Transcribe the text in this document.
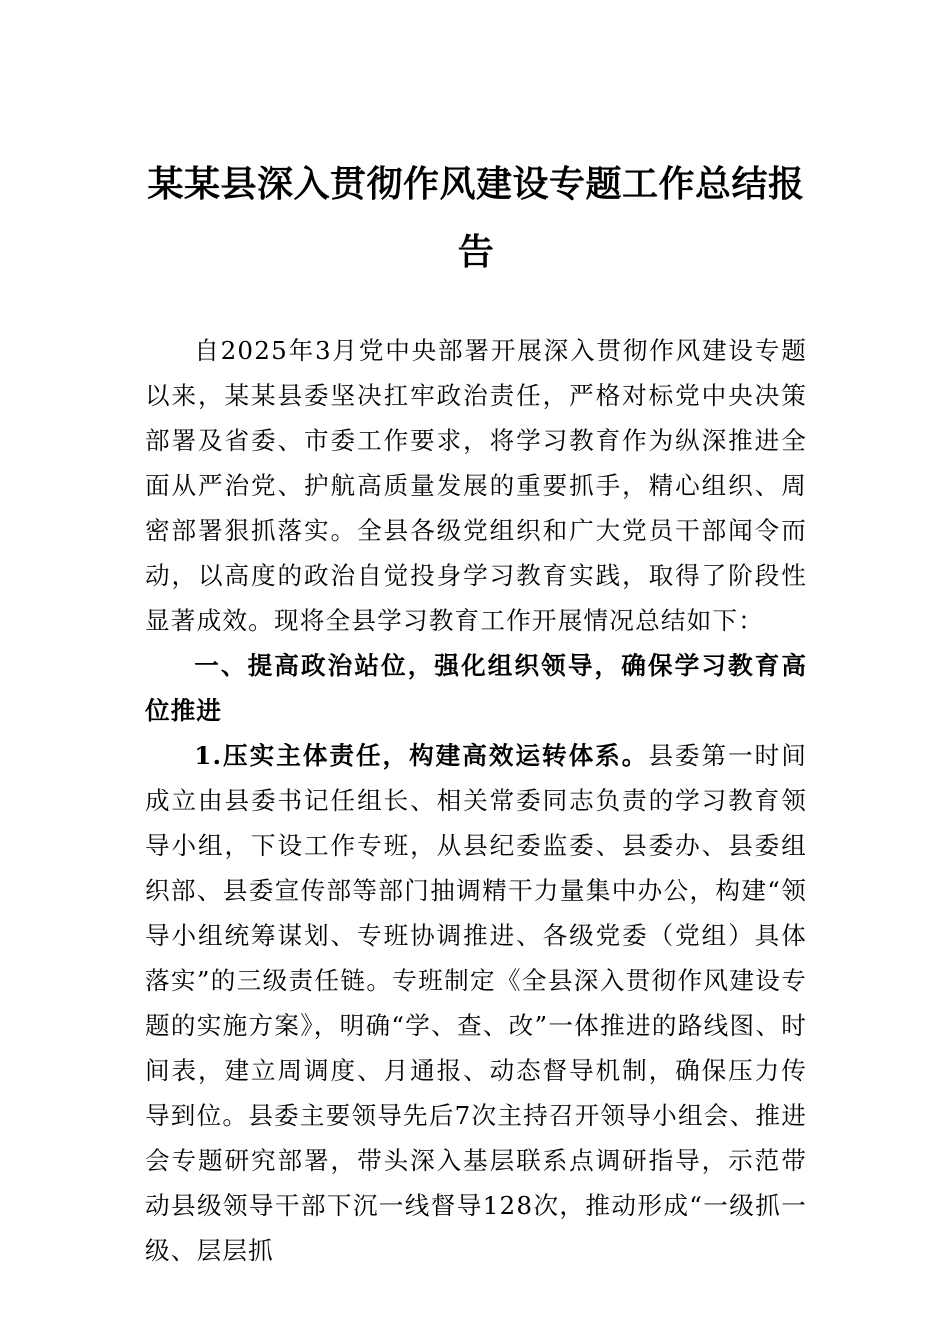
某某县深入贯彻作风建设专题工作总结报告

自2025年3月党中央部署开展深入贯彻作风建设专题以来，某某县委坚决扛牢政治责任，严格对标党中央决策部署及省委、市委工作要求，将学习教育作为纵深推进全面从严治党、护航高质量发展的重要抓手，精心组织、周密部署狠抓落实。全县各级党组织和广大党员干部闻令而动，以高度的政治自觉投身学习教育实践，取得了阶段性显著成效。现将全县学习教育工作开展情况总结如下：

一、提高政治站位，强化组织领导，确保学习教育高位推进

1.压实主体责任，构建高效运转体系。县委第一时间成立由县委书记任组长、相关常委同志负责的学习教育领导小组，下设工作专班，从县纪委监委、县委办、县委组织部、县委宣传部等部门抽调精干力量集中办公，构建“领导小组统筹谋划、专班协调推进、各级党委（党组）具体落实”的三级责任链。专班制定《全县深入贯彻作风建设专题的实施方案》，明确“学、查、改”一体推进的路线图、时间表，建立周调度、月通报、动态督导机制，确保压力传导到位。县委主要领导先后7次主持召开领导小组会、推进会专题研究部署，带头深入基层联系点调研指导，示范带动县级领导干部下沉一线督导128次，推动形成“一级抓一级、层层抓
